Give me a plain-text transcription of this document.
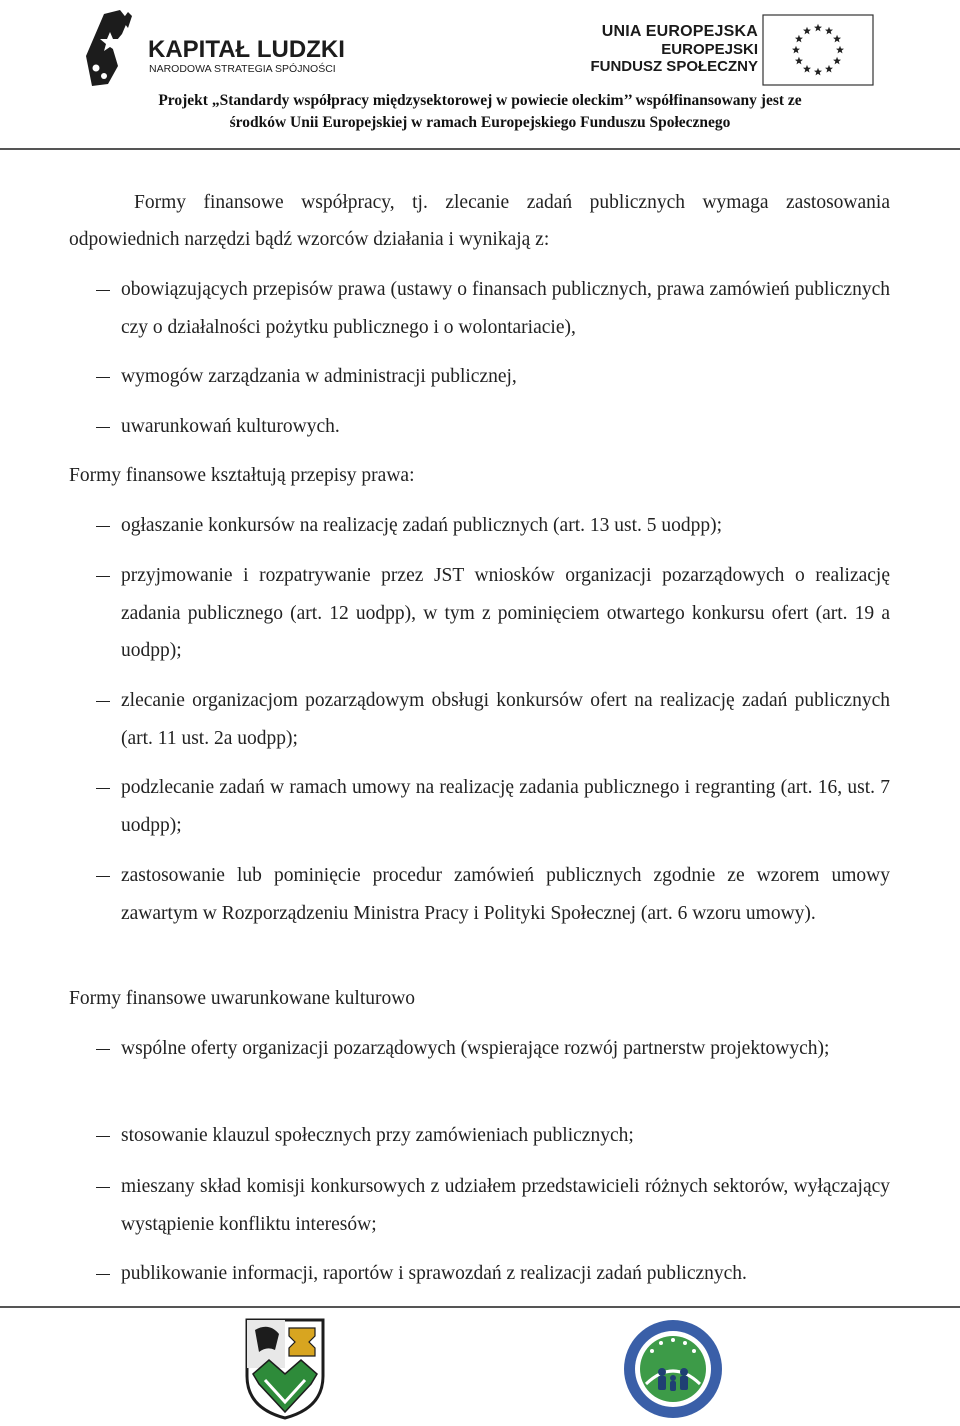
KAPITAŁ LUDZKI
NARODOWA STRATEGIA SPÓJNOŚCI
UNIA EUROPEJSKA
EUROPEJSKI
FUNDUSZ SPOŁECZNY
Projekt „Standardy współpracy międzysektorowej w powiecie oleckim’’ współfinansowany jest ze
środków Unii Europejskiej w ramach Europejskiego Funduszu Społecznego
Formy finansowe współpracy, tj. zlecanie zadań publicznych wymaga zastosowania odpowiednich narzędzi bądź wzorców działania i wynikają z:
obowiązujących przepisów prawa (ustawy o finansach publicznych, prawa zamówień publicznych czy o działalności pożytku publicznego i o wolontariacie),
wymogów zarządzania w administracji publicznej,
uwarunkowań kulturowych.
Formy finansowe kształtują przepisy prawa:
ogłaszanie konkursów na realizację zadań publicznych (art. 13 ust. 5 uodpp);
przyjmowanie i rozpatrywanie przez JST wniosków organizacji pozarządowych o realizację zadania publicznego (art. 12 uodpp), w tym z pominięciem otwartego konkursu ofert (art. 19 a uodpp);
zlecanie organizacjom pozarządowym obsługi konkursów ofert na realizację zadań publicznych (art. 11 ust. 2a uodpp);
podzlecanie zadań w ramach umowy na realizację zadania publicznego i regranting (art. 16, ust. 7 uodpp);
zastosowanie lub pominięcie procedur zamówień publicznych zgodnie ze wzorem umowy zawartym w Rozporządzeniu Ministra Pracy i Polityki Społecznej (art. 6 wzoru umowy).
Formy finansowe uwarunkowane kulturowo
wspólne oferty organizacji pozarządowych (wspierające rozwój partnerstw projektowych);
stosowanie klauzul społecznych przy zamówieniach publicznych;
mieszany skład komisji konkursowych z udziałem przedstawicieli różnych sektorów, wyłączający wystąpienie konfliktu interesów;
publikowanie informacji, raportów i sprawozdań z realizacji zadań publicznych.
